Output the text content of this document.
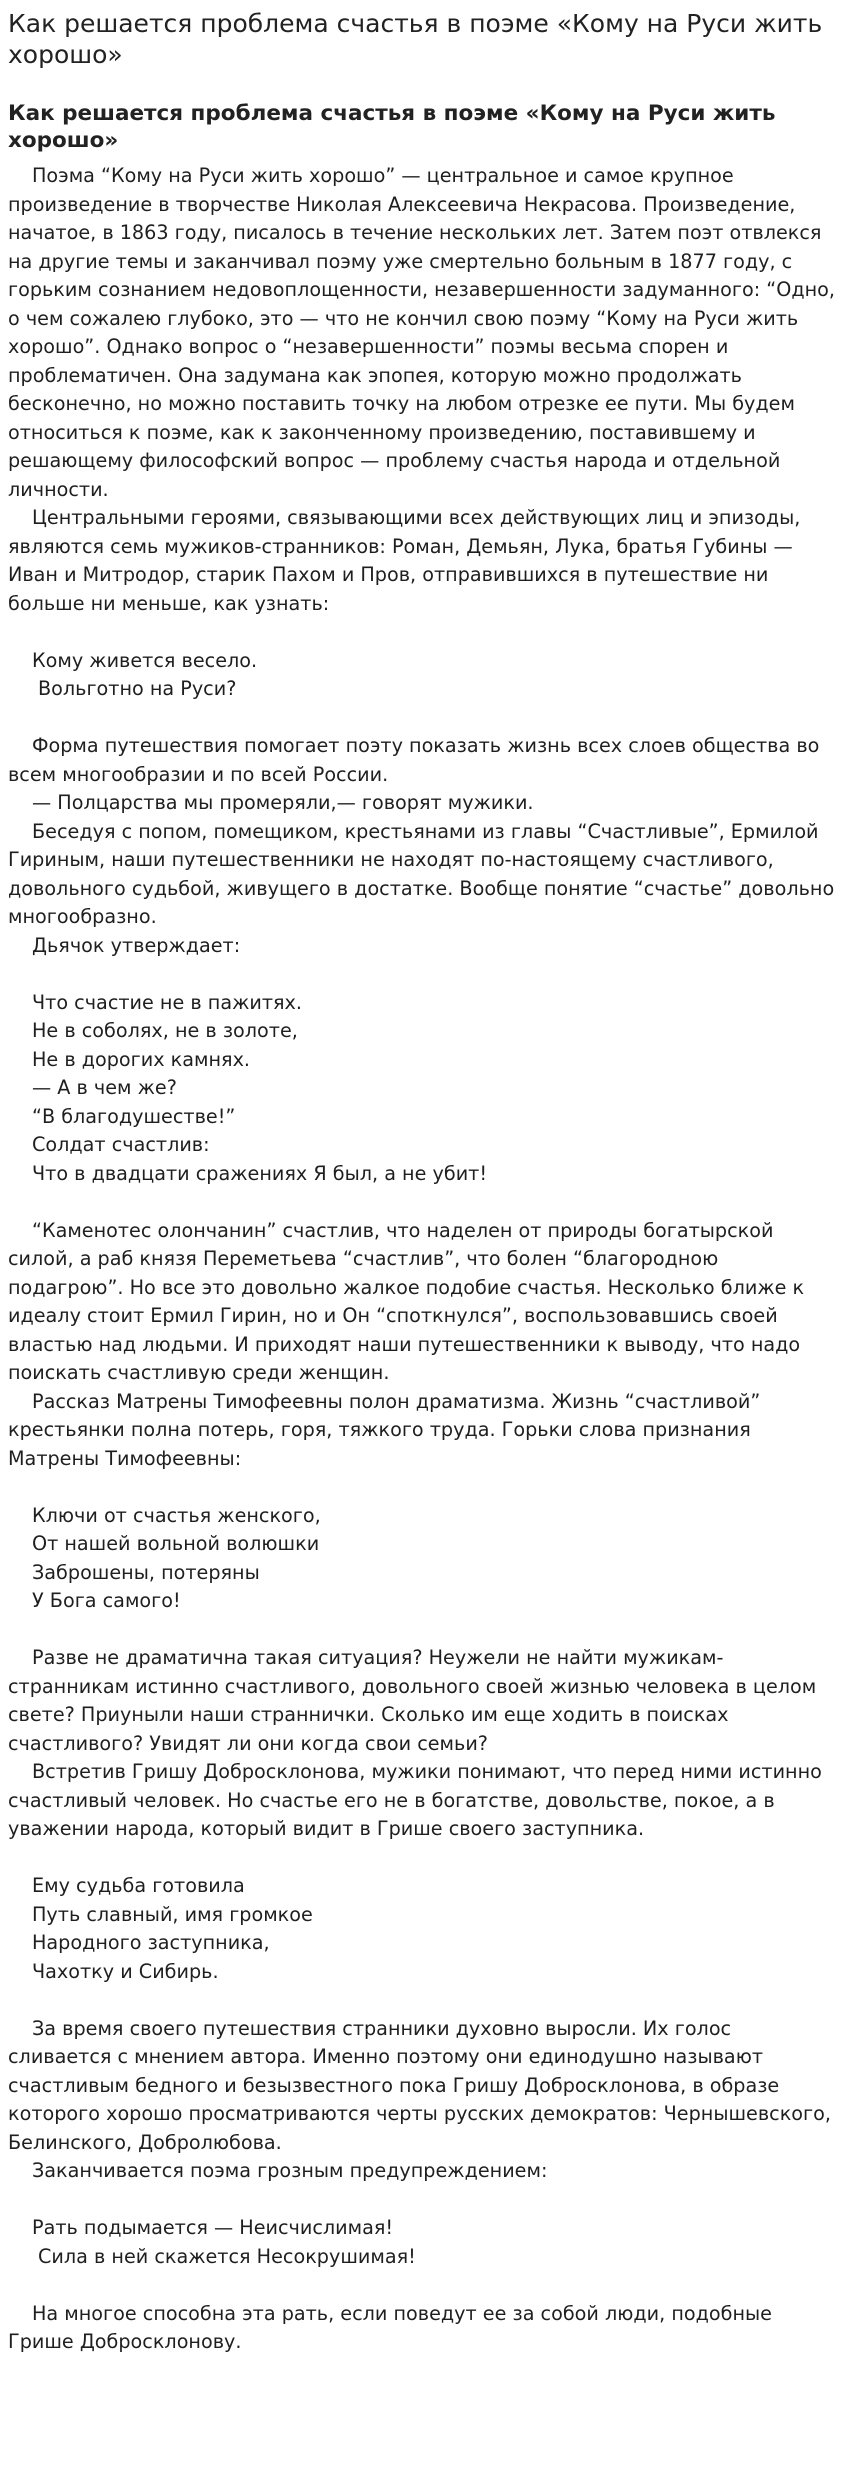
Как решается проблема счастья в поэме «Кому на Руси жить хорошо»
Как решается проблема счастья в поэме «Кому на Руси жить хорошо»

Поэма “Кому на Руси жить хорошо” — центральное и самое крупное произведение в творчестве Николая Алексеевича Некрасова. Произведение, начатое, в 1863 году, писалось в течение нескольких лет. Затем поэт отвлекся на другие темы и заканчивал поэму уже смертельно больным в 1877 году, с горьким сознанием недовоплощенности, незавершенности задуманного: “Одно, о чем сожалею глубоко, это — что не кончил свою поэму “Кому на Руси жить хорошо”. Однако вопрос о “незавершенности” поэмы весьма спорен и проблематичен. Она задумана как эпопея, которую можно продолжать бесконечно, но можно поставить точку на любом отрезке ее пути. Мы будем относиться к поэме, как к законченному произведению, поставившему и решающему философский вопрос — проблему счастья народа и отдельной личности.

Центральными героями, связывающими всех действующих лиц и эпизоды, являются семь мужиков-странников: Роман, Демьян, Лука, братья Губины — Иван и Митродор, старик Пахом и Пров, отправившихся в путешествие ни больше ни меньше, как узнать:

Кому живется весело.
Вольготно на Руси?

Форма путешествия помогает поэту показать жизнь всех слоев общества во всем многообразии и по всей России.

— Полцарства мы промеряли,— говорят мужики.

Беседуя с попом, помещиком, крестьянами из главы “Счастливые”, Ермилой Гириным, наши путешественники не находят по-настоящему счастливого, довольного судьбой, живущего в достатке. Вообще понятие “счастье” довольно многообразно.

Дьячок утверждает:

Что счастие не в пажитях.
Не в соболях, не в золоте,
Не в дорогих камнях.
— А в чем же?
“В благодушестве!”
Солдат счастлив:
Что в двадцати сражениях Я был, а не убит!

“Каменотес олончанин” счастлив, что наделен от природы богатырской силой, а раб князя Переметьева “счастлив”, что болен “благородною подагрою”. Но все это довольно жалкое подобие счастья. Несколько ближе к идеалу стоит Ермил Гирин, но и Он “споткнулся”, воспользовавшись своей властью над людьми. И приходят наши путешественники к выводу, что надо поискать счастливую среди женщин.

Рассказ Матрены Тимофеевны полон драматизма. Жизнь “счастливой” крестьянки полна потерь, горя, тяжкого труда. Горьки слова признания Матрены Тимофеевны:

Ключи от счастья женского,
От нашей вольной волюшки
Заброшены, потеряны
У Бога самого!

Разве не драматична такая ситуация? Неужели не найти мужикам-странникам истинно счастливого, довольного своей жизнью человека в целом свете? Приуныли наши страннички. Сколько им еще ходить в поисках счастливого? Увидят ли они когда свои семьи?

Встретив Гришу Добросклонова, мужики понимают, что перед ними истинно счастливый человек. Но счастье его не в богатстве, довольстве, покое, а в уважении народа, который видит в Грише своего заступника.

Ему судьба готовила
Путь славный, имя громкое
Народного заступника,
Чахотку и Сибирь.

За время своего путешествия странники духовно выросли. Их голос сливается с мнением автора. Именно поэтому они единодушно называют счастливым бедного и безызвестного пока Гришу Добросклонова, в образе которого хорошо просматриваются черты русских демократов: Чернышевского, Белинского, Добролюбова.

Заканчивается поэма грозным предупреждением:

Рать подымается — Неисчислимая!
Сила в ней скажется Несокрушимая!

На многое способна эта рать, если поведут ее за собой люди, подобные Грише Добросклонову.
